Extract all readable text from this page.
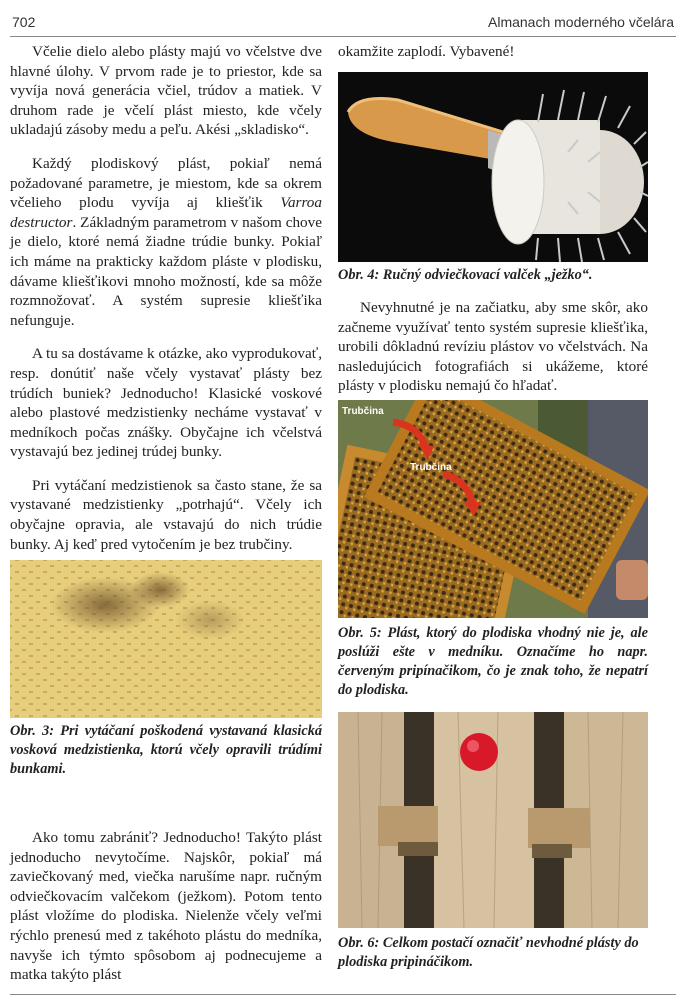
702	Almanach moderného včelára

Včelie dielo alebo plásty majú vo včelstve dve hlavné úlohy. V prvom rade je to priestor, kde sa vyvíja nová generácia včiel, trúdov a matiek. V druhom rade je včelí plást miesto, kde včely ukladajú zásoby medu a peľu. Akési „skladisko“.

Každý plodiskový plást, pokiaľ nemá požadované parametre, je miestom, kde sa okrem včelieho plodu vyvíja aj kliešťik Varroa destructor. Základným parametrom v našom chove je dielo, ktoré nemá žiadne trúdie bunky. Pokiaľ ich máme na prakticky každom pláste v plodisku, dávame kliešťikovi mnoho možností, kde sa môže rozmnožovať. A systém supresie kliešťika nefunguje.

A tu sa dostávame k otázke, ako vyprodukovať, resp. donútiť naše včely vystavať plásty bez trúdích buniek? Jednoducho! Klasické voskové alebo plastové medzistienky necháme vystavať v medníkoch počas znášky. Obyčajne ich včelstvá vystavajú bez jedinej trúdej bunky.

Pri vytáčaní medzistienok sa často stane, že sa vystavané medzistienky „potrhajú“. Včely ich obyčajne opravia, ale vstavajú do nich trúdie bunky. Aj keď pred vytočením je bez trubčiny.

Obr. 3: Pri vytáčaní poškodená vystavaná klasická vosková medzistienka, ktorú včely opravili trúdími bunkami.

Ako tomu zabrániť? Jednoducho! Takýto plást jednoducho nevytočíme. Najskôr, pokiaľ má zaviečkovaný med, viečka narušíme napr. ručným odviečkovacím valčekom (ježkom). Potom tento plást vložíme do plodiska. Nielenže včely veľmi rýchlo prenesú med z takéhoto plástu do medníka, navyše ich týmto spôsobom aj podnecujeme a matka takýto plást

okamžite zaplodí. Vybavené!

Obr. 4: Ručný odviečkovací valček „ježko“.

Nevyhnutné je na začiatku, aby sme skôr, ako začneme využívať tento systém supresie kliešťika, urobili dôkladnú revíziu plástov vo včelstvách. Na nasledujúcich fotografiách si ukážeme, ktoré plásty v plodisku nemajú čo hľadať.

Trubčina
Trubčina

Obr. 5: Plást, ktorý do plodiska vhodný nie je, ale poslúži ešte v medníku. Označíme ho napr. červeným pripínačikom, čo je znak toho, že nepatrí do plodiska.

Obr. 6: Celkom postačí označiť nevhodné plásty do plodiska pripináčikom.
